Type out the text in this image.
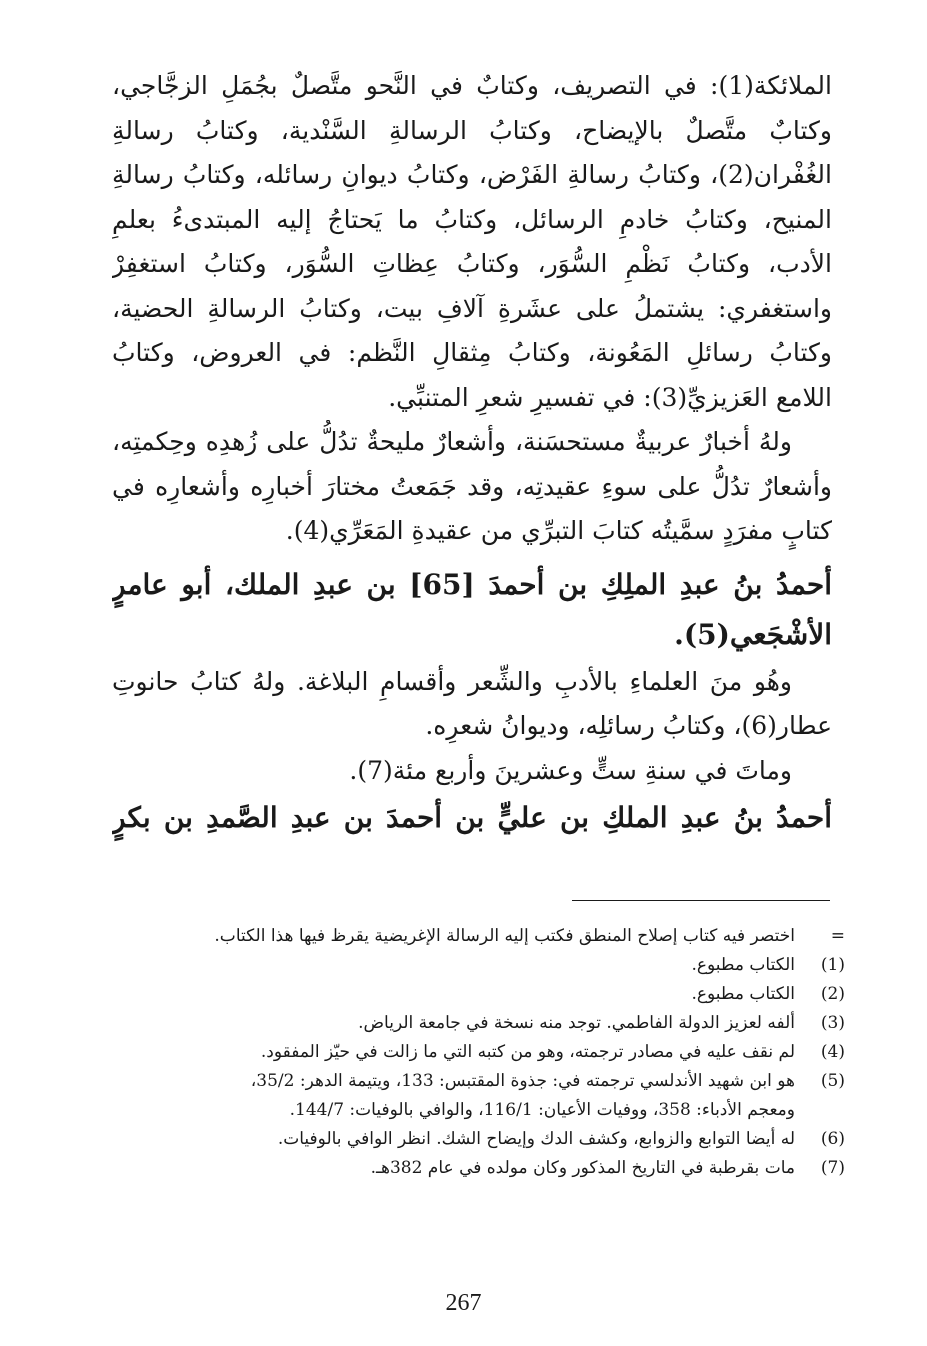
الملائكة(1): في التصريف، وكتابٌ في النَّحو متَّصلٌ بجُمَلِ الزجَّاجي،
وكتابٌ متَّصلٌ بالإيضاح، وكتابُ الرسالةِ السَّنْدية، وكتابُ رسالةِ
الغُفْران(2)، وكتابُ رسالةِ الفَرْض، وكتابُ ديوانِ رسائله، وكتابُ رسالةِ
المنيح، وكتابُ خادمِ الرسائل، وكتابُ ما يَحتاجُ إليه المبتدىءُ بعلمِ
الأدب، وكتابُ نَظْمِ السُّوَر، وكتابُ عِظاتِ السُّوَر، وكتابُ استغفِرْ
واستغفري: يشتملُ على عشَرةِ آلافِ بيت، وكتابُ الرسالةِ الحضية،
وكتابُ رسائلِ المَعُونة، وكتابُ مِثقالِ النَّظم: في العروض، وكتابُ
اللامع العَزيزيِّ(3): في تفسيرِ شعرِ المتنبِّي.
ولهُ أخبارٌ عربيةٌ مستحسَنة، وأشعارٌ مليحةٌ تدُلُّ على زُهدِه وحِكمتِه،
وأشعارٌ تدُلُّ على سوءِ عقيدتِه، وقد جَمَعتُ مختارَ أخبارِه وأشعارِه في
كتابٍ مفرَدٍ سمَّيتُه كتابَ التبرِّي من عقيدةِ المَعَرِّي(4).
أحمدُ بنُ عبدِ الملِكِ بن أحمدَ [65] بن عبدِ الملك، أبو عامرٍ
الأشْجَعي(5).
وهُو منَ العلماءِ بالأدبِ والشِّعر وأقسامِ البلاغة. ولهُ كتابُ حانوتِ
عطار(6)، وكتابُ رسائلِه، وديوانُ شعرِه.
وماتَ في سنةِ ستٍّ وعشرينَ وأربع مئة(7).
أحمدُ بنُ عبدِ الملكِ بن عليٍّ بن أحمدَ بن عبدِ الصَّمدِ بن بكرٍ
=
اختصر فيه كتاب إصلاح المنطق فكتب إليه الرسالة الإغريضية يقرظ فيها هذا الكتاب.
(1)
الكتاب مطبوع.
(2)
الكتاب مطبوع.
(3)
ألفه لعزيز الدولة الفاطمي. توجد منه نسخة في جامعة الرياض.
(4)
لم نقف عليه في مصادر ترجمته، وهو من كتبه التي ما زالت في حيّز المفقود.
(5)
هو ابن شهيد الأندلسي ترجمته في: جذوة المقتبس: 133، ويتيمة الدهر: 35/2،
ومعجم الأدباء: 358، ووفيات الأعيان: 116/1، والوافي بالوفيات: 144/7.
(6)
له أيضا التوابع والزوابع، وكشف الدك وإيضاح الشك. انظر الوافي بالوفيات.
(7)
مات بقرطبة في التاريخ المذكور وكان مولده في عام 382هـ.
267
